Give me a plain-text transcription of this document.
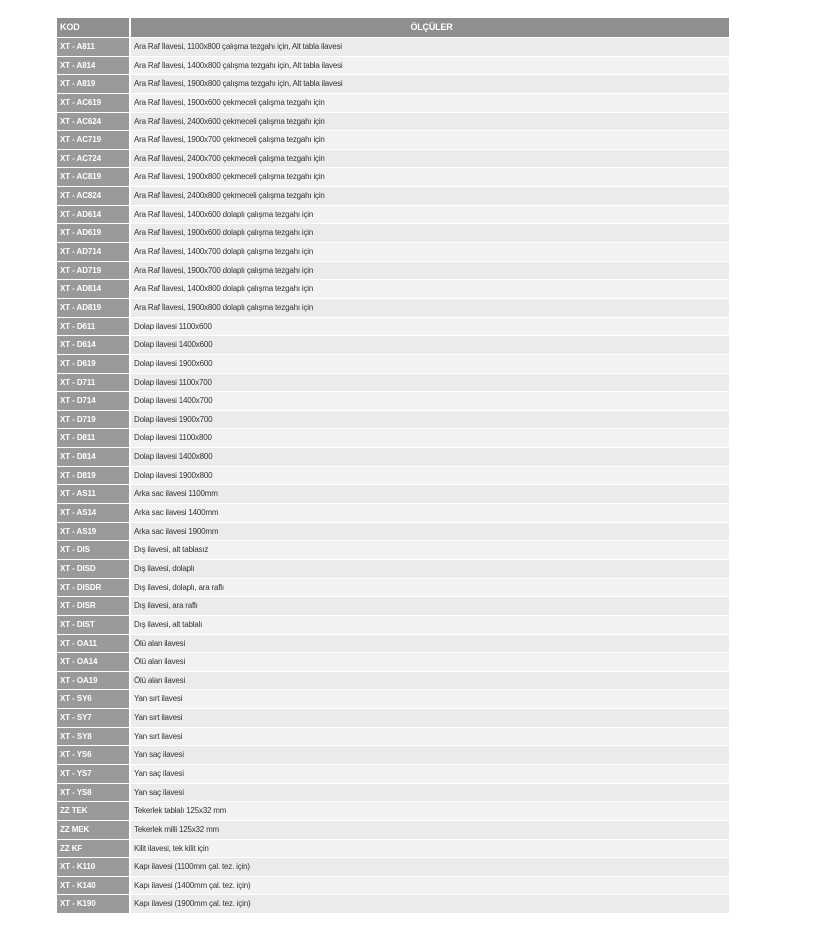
KOD	ÖLÇÜLER
XT - A811	Ara Raf İlavesi, 1100x800 çalışma tezgahı için, Alt tabla ilavesi
XT - A814	Ara Raf İlavesi, 1400x800 çalışma tezgahı için, Alt tabla ilavesi
XT - A819	Ara Raf İlavesi, 1900x800 çalışma tezgahı için, Alt tabla ilavesi
XT - AC619	Ara Raf İlavesi, 1900x600 çekmeceli çalışma tezgahı için
XT - AC624	Ara Raf İlavesi, 2400x600 çekmeceli çalışma tezgahı için
XT - AC719	Ara Raf İlavesi, 1900x700 çekmeceli çalışma tezgahı için
XT - AC724	Ara Raf İlavesi, 2400x700 çekmeceli çalışma tezgahı için
XT - AC819	Ara Raf İlavesi, 1900x800 çekmeceli çalışma tezgahı için
XT - AC824	Ara Raf İlavesi, 2400x800 çekmeceli çalışma tezgahı için
XT - AD614	Ara Raf İlavesi, 1400x600 dolaplı çalışma tezgahı için
XT - AD619	Ara Raf İlavesi, 1900x600 dolaplı çalışma tezgahı için
XT - AD714	Ara Raf İlavesi, 1400x700 dolaplı çalışma tezgahı için
XT - AD719	Ara Raf İlavesi, 1900x700 dolaplı çalışma tezgahı için
XT - AD814	Ara Raf İlavesi, 1400x800 dolaplı çalışma tezgahı için
XT - AD819	Ara Raf İlavesi, 1900x800 dolaplı çalışma tezgahı için
XT - D611	Dolap ilavesi 1100x600
XT - D614	Dolap ilavesi 1400x600
XT - D619	Dolap ilavesi 1900x600
XT - D711	Dolap ilavesi 1100x700
XT - D714	Dolap ilavesi 1400x700
XT - D719	Dolap ilavesi 1900x700
XT - D811	Dolap ilavesi 1100x800
XT - D814	Dolap ilavesi 1400x800
XT - D819	Dolap ilavesi 1900x800
XT - AS11	Arka sac ilavesi 1100mm
XT - AS14	Arka sac ilavesi 1400mm
XT - AS19	Arka sac ilavesi 1900mm
XT - DIS	Dış ilavesi, alt tablasız
XT - DISD	Dış ilavesi, dolaplı
XT - DISDR	Dış ilavesi, dolaplı, ara raflı
XT - DISR	Dış ilavesi, ara raflı
XT - DIST	Dış ilavesi, alt tablalı
XT - OA11	Ölü alan ilavesi
XT - OA14	Ölü alan ilavesi
XT - OA19	Ölü alan ilavesi
XT - SY6	Yan sırt ilavesi
XT - SY7	Yan sırt ilavesi
XT - SY8	Yan sırt ilavesi
XT - YS6	Yan saç ilavesi
XT - YS7	Yan saç ilavesi
XT - YS8	Yan saç ilavesi
ZZ TEK	Tekerlek tablalı 125x32 mm
ZZ MEK	Tekerlek milli 125x32 mm
ZZ KF	Kilit ilavesi, tek kilit için
XT - K110	Kapı ilavesi (1100mm çal. tez. için)
XT - K140	Kapı ilavesi (1400mm çal. tez. için)
XT - K190	Kapı ilavesi (1900mm çal. tez. için)
